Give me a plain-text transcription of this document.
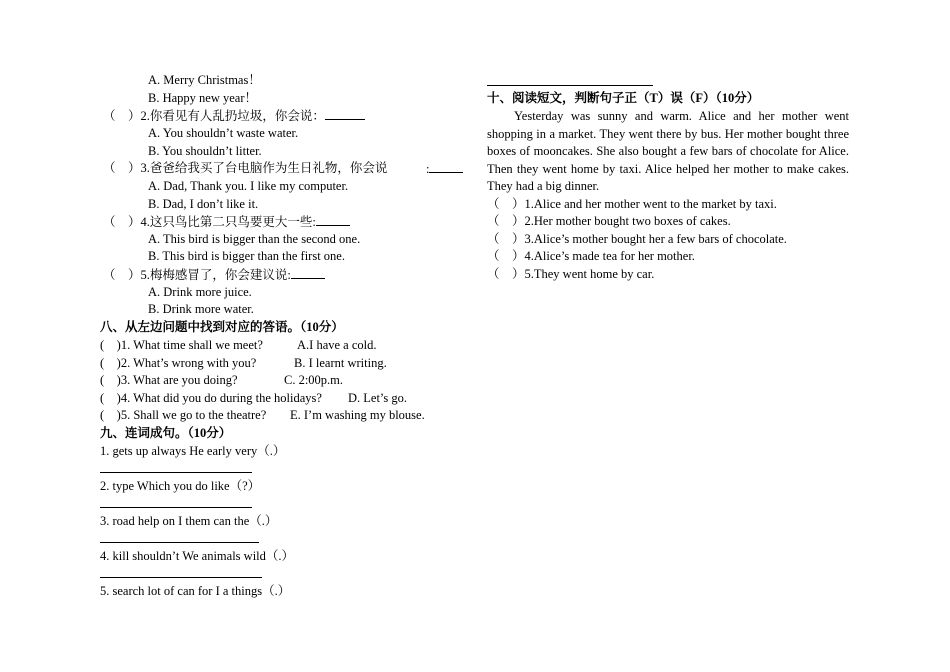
A. Merry Christmas！
B. Happy new year！
（　）2.你看见有人乱扔垃圾，你会说：
A. You shouldn’t waste water.
B. You shouldn’t litter.
（　）3.爸爸给我买了台电脑作为生日礼物，你会说	:
A. Dad, Thank you. I like my computer.
B. Dad, I don’t like it.
（　）4.这只鸟比第二只鸟要更大一些:
A. This bird is bigger than the second one.
B. This bird is bigger than the first one.
（　）5.梅梅感冒了，你会建议说:
A. Drink more juice.
B. Drink more water.
八、从左边问题中找到对应的答语。（10分）
(　)1. What time shall we meet?	A.I have a cold.
(　)2. What’s wrong with you?	B. I learnt writing.
(　)3. What are you doing?	C. 2:00p.m.
(　)4. What did you do during the holidays? D. Let’s go.
(　)5. Shall we go to the theatre? E. I’m washing my blouse.
九、连词成句。（10分）
1. gets up always He early very（.）
2. type Which you do like（?）
3. road help on I them can the（.）
4. kill shouldn’t We animals wild（.）
5. search lot of can for I a things（.）
十、阅读短文，判断句子正（T）误（F）（10分）
Yesterday was sunny and warm. Alice and her mother went shopping in a market. They went there by bus. Her mother bought three boxes of mooncakes. She also bought a few bars of chocolate for Alice. Then they went home by taxi. Alice helped her mother to make cakes. They had a big dinner.
（　）1.Alice and her mother went to the market by taxi.
（　）2.Her mother bought two boxes of cakes.
（　）3.Alice’s mother bought her a few bars of chocolate.
（　）4.Alice’s made tea for her mother.
（　）5.They went home by car.
